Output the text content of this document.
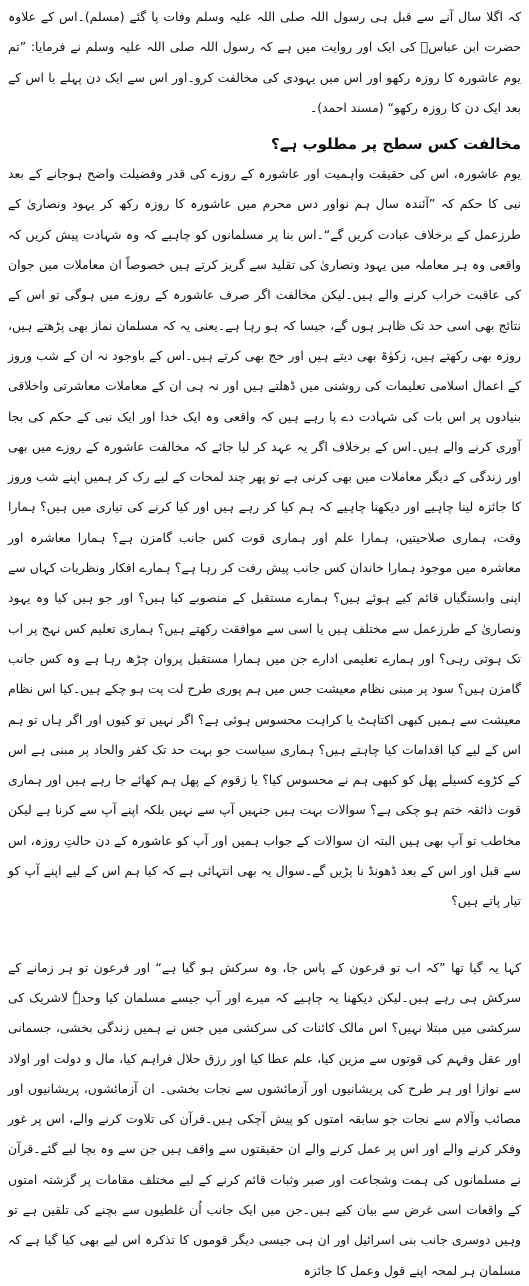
کہ اگلا سال آنے سے قبل ہی رسول اللہ صلی اللہ علیہ وسلم وفات پا گئے (مسلم)۔اس کے علاوہ حضرت ابن عباسؓ کی ایک اور روایت میں ہے کہ رسول اللہ صلی اللہ علیہ وسلم نے فرمایا: ”تم یوم عاشورہ کا روزہ رکھو اور اس میں یہودی کی مخالفت کرو۔اور اس سے ایک دن پہلے یا اس کے بعد ایک دن کا روزہ رکھو“ (مسند احمد)۔

مخالفت کس سطح پر مطلوب ہے؟

یوم عاشورہ، اس کی حقیقت واہمیت اور عاشورہ کے روزے کی قدر وفضیلت واضح ہوجانے کے بعد نبی کا حکم کہ ”آئندہ سال ہم نواور دس محرم میں عاشورہ کا روزہ رکھ کر یہود ونصاریٰ کے طرزعمل کے برخلاف عبادت کریں گے“۔اس بنا پر مسلمانوں کو چاہیے کہ وہ شہادت پیش کریں کہ واقعی وہ ہر معاملہ میں یہود ونصاریٰ کی تقلید سے گریز کرتے ہیں خصوصاً ان معاملات میں جوان کی عاقبت خراب کرنے والے ہیں۔لیکن مخالفت اگر صرف عاشورہ کے روزے میں ہوگی تو اس کے نتائج بھی اسی حد تک ظاہر ہوں گے، جیسا کہ ہو رہا ہے۔یعنی یہ کہ مسلمان نماز بھی پڑھتے ہیں، روزہ بھی رکھتے ہیں، زکوٰۃ بھی دیتے ہیں اور حج بھی کرتے ہیں۔اس کے باوجود نہ ان کے شب وروز کے اعمال اسلامی تعلیمات کی روشنی میں ڈھلتے ہیں اور نہ ہی ان کے معاملات معاشرتی واخلاقی بنیادوں پر اس بات کی شہادت دے پا رہے ہیں کہ واقعی وہ ایک خدا اور ایک نبی کے حکم کی بجا آوری کرنے والے ہیں۔اس کے برخلاف اگر یہ عہد کر لیا جائے کہ مخالفت عاشورہ کے روزے میں بھی اور زندگی کے دیگر معاملات میں بھی کرنی ہے تو پھر چند لمحات کے لیے رک کر ہمیں اپنے شب وروز کا جائزہ لینا چاہیے اور دیکھنا چاہیے کہ ہم کیا کر رہے ہیں اور کیا کرنے کی تیاری میں ہیں؟ ہمارا وقت، ہماری صلاحیتیں، ہمارا علم اور ہماری قوت کس جانب گامزن ہے؟ ہمارا معاشرہ اور معاشرہ میں موجود ہمارا خاندان کس جانب پیش رفت کر رہا ہے؟ ہمارے افکار ونظریات کہاں سے اپنی وابستگیاں قائم کیے ہوئے ہیں؟ ہمارے مستقبل کے منصوبے کیا ہیں؟ اور جو ہیں کیا وہ یہود ونصاریٰ کے طرزعمل سے مختلف ہیں یا اسی سے موافقت رکھتے ہیں؟ ہماری تعلیم کس نہج پر اب تک ہوتی رہی؟ اور ہمارے تعلیمی ادارے جن میں ہمارا مستقبل پروان چڑھ رہا ہے وہ کس جانب گامزن ہیں؟ سود پر مبنی نظام معیشت جس میں ہم پوری طرح لت پت ہو چکے ہیں۔کیا اس نظام معیشت سے ہمیں کبھی اکتاہٹ یا کراہت محسوس ہوئی ہے؟ اگر نہیں تو کیوں اور اگر ہاں تو ہم اس کے لیے کیا اقدامات کیا چاہتے ہیں؟ ہماری سیاست جو بہت حد تک کفر والحاد پر مبنی ہے اس کے کڑوے کسیلے پھل کو کبھی ہم نے محسوس کیا؟ یا زقوم کے پھل ہم کھائے جا رہے ہیں اور ہماری قوت ذائقہ ختم ہو چکی ہے؟ سوالات بہت ہیں جنہیں آپ سے نہیں بلکہ اپنے آپ سے کرنا ہے لیکن مخاطب تو آپ بھی ہیں البتہ ان سوالات کے جواب ہمیں اور آپ کو عاشورہ کے دن حالتِ روزہ، اس سے قبل اور اس کے بعد ڈھونڈ نا پڑیں گے۔سوال یہ بھی انتہائی ہے کہ کیا ہم اس کے لیے اپنے آپ کو تیار پاتے ہیں؟

کہا یہ گیا تھا ”کہ اب تو فرعون کے پاس جا، وہ سرکش ہو گیا ہے“ اور فرعون تو ہر زمانے کے سرکش ہی رہے ہیں۔لیکن دیکھنا یہ چاہیے کہ میرے اور آپ جیسے مسلمان کیا وحدہٗ لاشریک کی سرکشی میں مبتلا نہیں؟ اس مالک کائنات کی سرکشی میں جس نے ہمیں زندگی بخشی، جسمانی اور عقل وفہم کی قوتوں سے مزین کیا، علم عطا کیا اور رزق حلال فراہم کیا، مال و دولت اور اولاد سے نوازا اور ہر طرح کی پریشانیوں اور آزمائشوں سے نجات بخشی۔ ان آزمائشوں، پریشانیوں اور مصائب وآلام سے نجات جو سابقہ امتوں کو پیش آچکی ہیں۔قرآن کی تلاوت کرنے والے، اس پر غور وفکر کرنے والے اور اس پر عمل کرنے والے ان حقیقتوں سے واقف ہیں جن سے وہ بچا لیے گئے۔قرآن نے مسلمانوں کی ہمت وشجاعت اور صبر وثبات قائم کرنے کے لیے مختلف مقامات پر گزشتہ امتوں کے واقعات اسی غرض سے بیان کیے ہیں۔جن میں ایک جانب اُن غلطیوں سے بچنے کی تلقین ہے تو وہیں دوسری جانب بنی اسرائیل اور ان ہی جیسی دیگر قوموں کا تذکرہ اس لیے بھی کیا گیا ہے کہ مسلمان ہر لمحہ اپنے قول وعمل کا جائزہ
